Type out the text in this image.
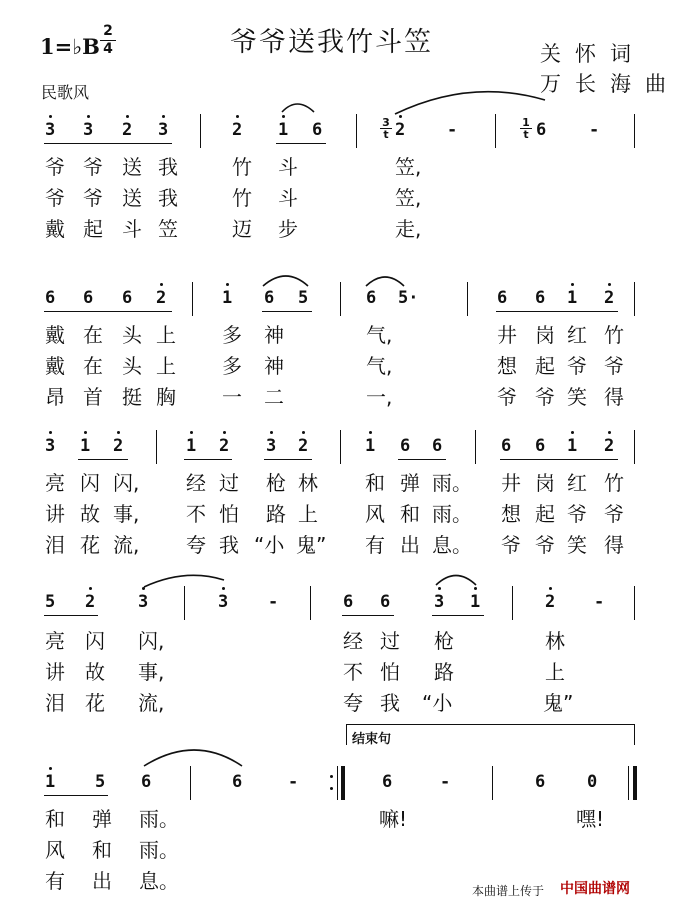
爷爷送我竹斗笠
1=♭B
2
4	关怀词
万长海曲
民歌风
3 3 2 3	2 1 6	$\frac{3}{t} 2$ -	$\frac{1}{t} 6$	-
爷 爷 送 我	竹 斗	笠,
爷 爷 送 我	竹 斗	笠,
戴 起 斗 笠	迈 步	走,
6 6 6 2	1 6 5	6 5·	6 6 1 2
戴 在 头 上 多 神	气,	井 岗 红 竹
戴 在 头 上 多 神	气,	想 起 爷 爷
昂 首 挺 胸 一 二	一,	爷 爷 笑 得
3 1 2	1 2 3 2	1 6 6	6 6 1 2
亮 闪 闪, 经 过 枪 林 和 弹 雨。 井 岗 红 竹
讲 故 事, 不 怕 路 上 风 和 雨。 想 起 爷 爷
泪 花 流, 夸 我 “小 鬼” 有 出 息。 爷 爷 笑 得
5 2	3	3 -	6 6	3 1	2 -
亮 闪 闪,	经 过 枪	林
讲 故 事,	不 怕 路	上
泪 花 流,	夸 我 “小	鬼”
结束句
1 5 6	6	-	6	-	6 0
和 弹 雨。	嘛!	嘿!
风 和 雨。
有 出 息。	本曲谱上传于 中国曲谱网
